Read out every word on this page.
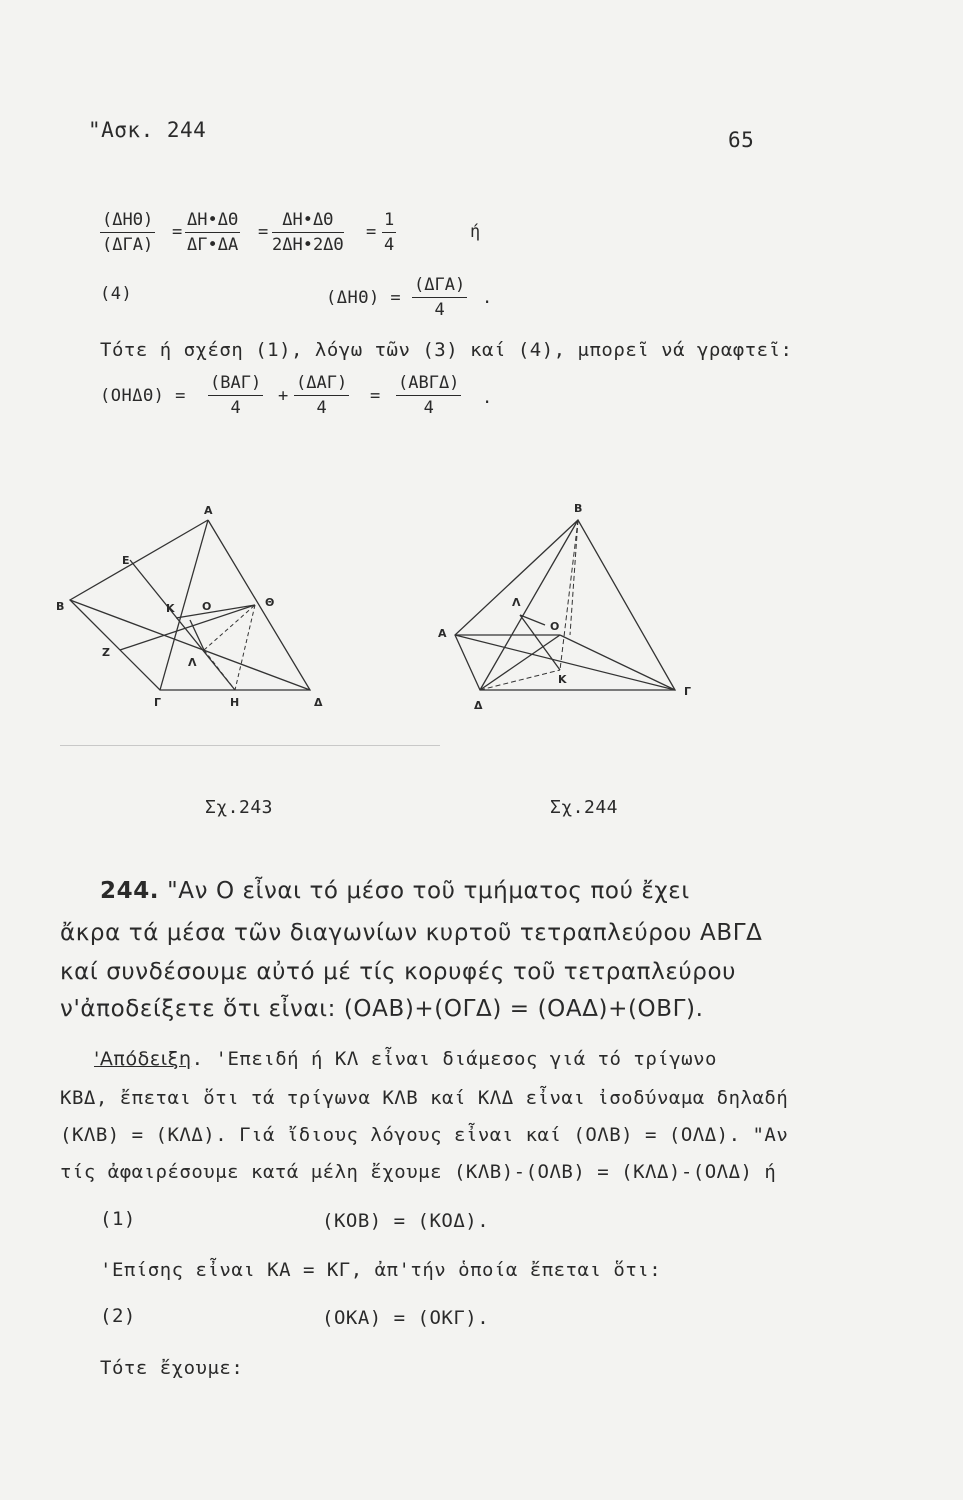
"Ασκ. 244	65
(ΔΗΘ)
(ΔΓΑ)
= $\frac{\Delta H•\Delta\Theta}{\Delta\Gamma•\Delta A} = \frac{\Delta H•\Delta\Theta}{2\Delta H•2\Delta\Theta} = \frac{1}{4}$	ή
(4)	(ΔΗΘ) =
(ΔΓΑ)
4
.
Τότε ή σχέση (1), λόγω τῶν (3) καί (4), μπορεῖ νά γραφτεῖ:
(ΟΗΔΘ) =
(ΒΑΓ)
4
+
(ΔΑΓ)
4
=
(ΑΒΓΔ)
4	.
Α
Ε
Β	Κ Ο	Θ
Ζ
Λ
Γ	Η	Δ
Β
Λ
Ο
Α
Κ
Δ
Γ
Σχ.243	Σχ.244
244. "Αν Ο εἶναι τό μέσο τοῦ τμήματος πού ἔχει
ἄκρα τά μέσα τῶν διαγωνίων κυρτοῦ τετραπλεύρου ΑΒΓΔ
καί συνδέσουμε αὐτό μέ τίς κορυφές τοῦ τετραπλεύρου
ν'ἀποδείξετε ὅτι εἶναι: (ΟΑΒ)+(ΟΓΔ) = (ΟΑΔ)+(ΟΒΓ).
'Απόδειξη. 'Επειδή ή ΚΛ εἶναι διάμεσος γιά τό τρίγωνο
ΚΒΔ, ἔπεται ὅτι τά τρίγωνα ΚΛΒ καί ΚΛΔ εἶναι ἰσοδύναμα δηλαδή
(ΚΛΒ) = (ΚΛΔ). Γιά ἴδιους λόγους εἶναι καί (ΟΛΒ) = (ΟΛΔ). "Αν
τίς ἀφαιρέσουμε κατά μέλη ἔχουμε (ΚΛΒ)-(ΟΛΒ) = (ΚΛΔ)-(ΟΛΔ) ή
(1)	(ΚΟΒ) = (ΚΟΔ).
'Επίσης εἶναι ΚΑ = ΚΓ, ἀπ'τήν ὁποία ἔπεται ὅτι:
(2)	(ΟΚΑ) = (ΟΚΓ).
Τότε ἔχουμε:
